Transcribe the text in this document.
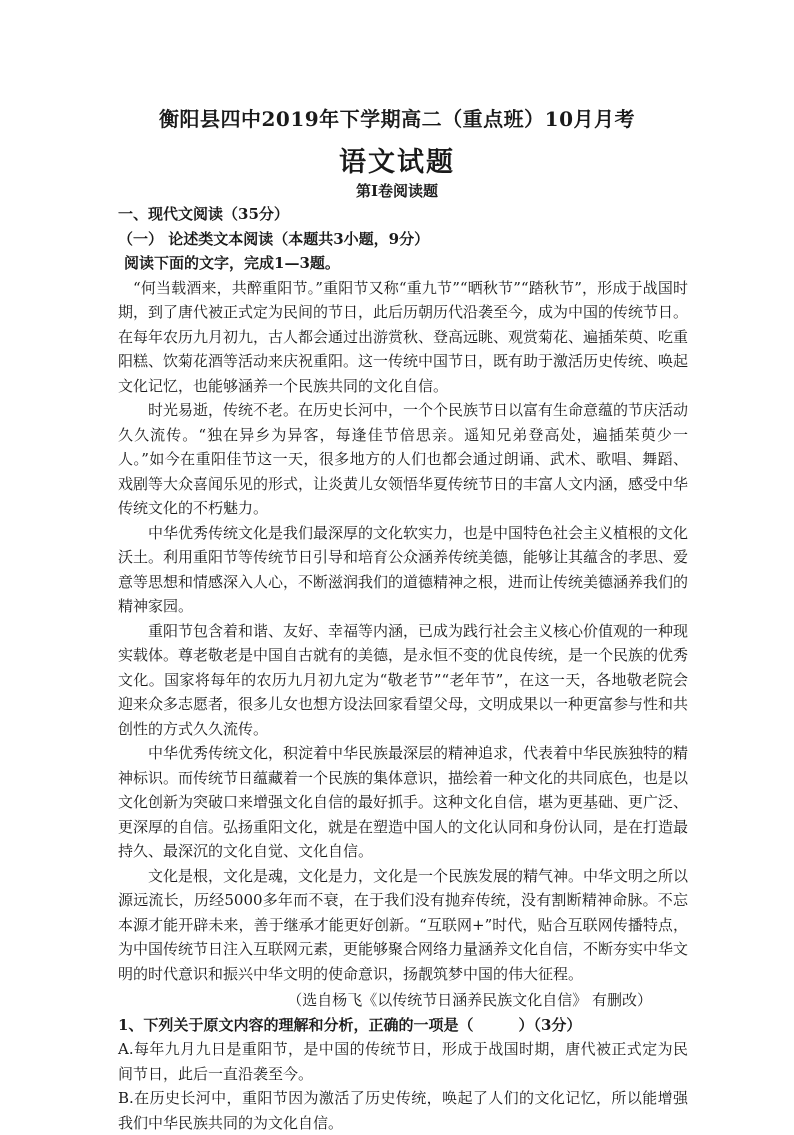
衡阳县四中2019年下学期高二（重点班）10月月考
语文试题
第Ⅰ卷阅读题

一、现代文阅读（35分）

（一） 论述类文本阅读（本题共3小题，9分）

阅读下面的文字，完成1—3题。

“何当载酒来，共醉重阳节。”重阳节又称“重九节”“晒秋节”“踏秋节”，形成于战国时期，到了唐代被正式定为民间的节日，此后历朝历代沿袭至今，成为中国的传统节日。在每年农历九月初九，古人都会通过出游赏秋、登高远眺、观赏菊花、遍插茱萸、吃重阳糕、饮菊花酒等活动来庆祝重阳。这一传统中国节日，既有助于激活历史传统、唤起文化记忆，也能够涵养一个民族共同的文化自信。

时光易逝，传统不老。在历史长河中，一个个民族节日以富有生命意蕴的节庆活动久久流传。“独在异乡为异客，每逢佳节倍思亲。遥知兄弟登高处，遍插茱萸少一人。”如今在重阳佳节这一天，很多地方的人们也都会通过朗诵、武术、歌唱、舞蹈、戏剧等大众喜闻乐见的形式，让炎黄儿女领悟华夏传统节日的丰富人文内涵，感受中华传统文化的不朽魅力。

中华优秀传统文化是我们最深厚的文化软实力，也是中国特色社会主义植根的文化沃土。利用重阳节等传统节日引导和培育公众涵养传统美德，能够让其蕴含的孝思、爱意等思想和情感深入人心，不断滋润我们的道德精神之根，进而让传统美德涵养我们的精神家园。

重阳节包含着和谐、友好、幸福等内涵，已成为践行社会主义核心价值观的一种现实载体。尊老敬老是中国自古就有的美德，是永恒不变的优良传统，是一个民族的优秀文化。国家将每年的农历九月初九定为“敬老节”“老年节”，在这一天，各地敬老院会迎来众多志愿者，很多儿女也想方设法回家看望父母，文明成果以一种更富参与性和共创性的方式久久流传。

中华优秀传统文化，积淀着中华民族最深层的精神追求，代表着中华民族独特的精神标识。而传统节日蕴藏着一个民族的集体意识，描绘着一种文化的共同底色，也是以文化创新为突破口来增强文化自信的最好抓手。这种文化自信，堪为更基础、更广泛、更深厚的自信。弘扬重阳文化，就是在塑造中国人的文化认同和身份认同，是在打造最持久、最深沉的文化自觉、文化自信。

文化是根，文化是魂，文化是力，文化是一个民族发展的精气神。中华文明之所以源远流长，历经5000多年而不衰，在于我们没有抛弃传统，没有割断精神命脉。不忘本源才能开辟未来，善于继承才能更好创新。“互联网+”时代，贴合互联网传播特点，为中国传统节日注入互联网元素，更能够聚合网络力量涵养文化自信，不断夯实中华文明的时代意识和振兴中华文明的使命意识，扬靓筑梦中国的伟大征程。

（选自杨飞《以传统节日涵养民族文化自信》 有删改）

1、下列关于原文内容的理解和分析，正确的一项是（　　　）（3分）

A.每年九月九日是重阳节，是中国的传统节日，形成于战国时期，唐代被正式定为民间节日，此后一直沿袭至今。

B.在历史长河中，重阳节因为激活了历史传统，唤起了人们的文化记忆，所以能增强我们中华民族共同的为文化自信。
